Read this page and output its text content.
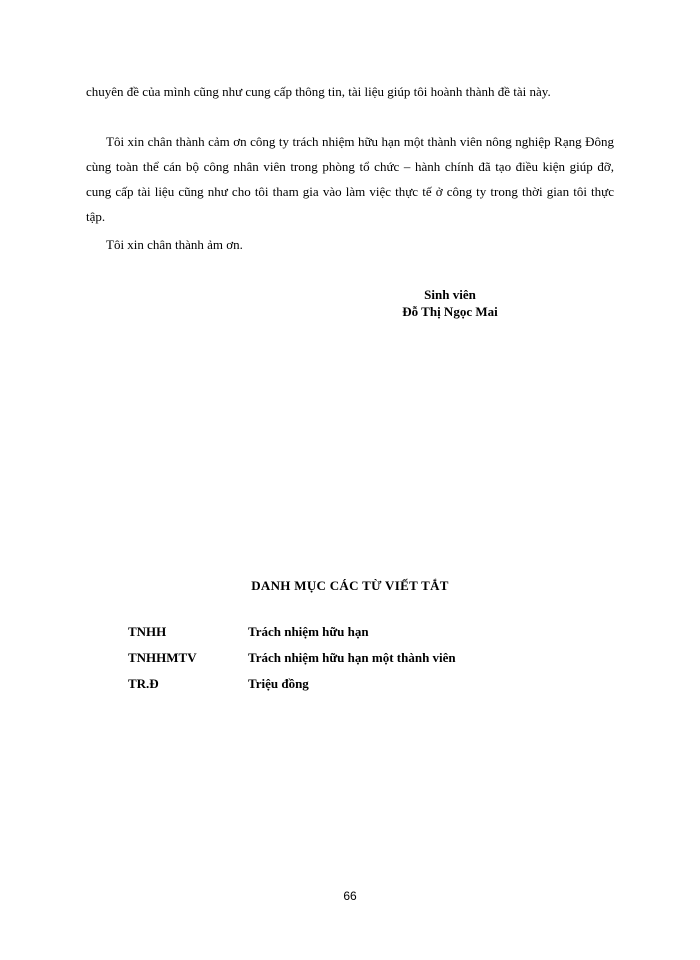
chuyên đề của mình cũng như cung cấp thông tin, tài liệu giúp tôi hoành thành đề tài này.

Tôi xin chân thành cảm ơn công ty trách nhiệm hữu hạn một thành viên nông nghiệp Rạng Đông cùng toàn thể cán bộ công nhân viên trong phòng tổ chức – hành chính đã tạo điều kiện giúp đỡ, cung cấp tài liệu cũng như cho tôi tham gia vào làm việc thực tế ở công ty trong thời gian tôi thực tập.

Tôi xin chân thành ảm ơn.

Sinh viên
Đỗ Thị Ngọc Mai
DANH MỤC CÁC TỪ VIẾT TẮT
TNHH	Trách nhiệm hữu hạn
TNHHMTV	Trách nhiệm hữu hạn một thành viên
TR.Đ	Triệu đồng
66
